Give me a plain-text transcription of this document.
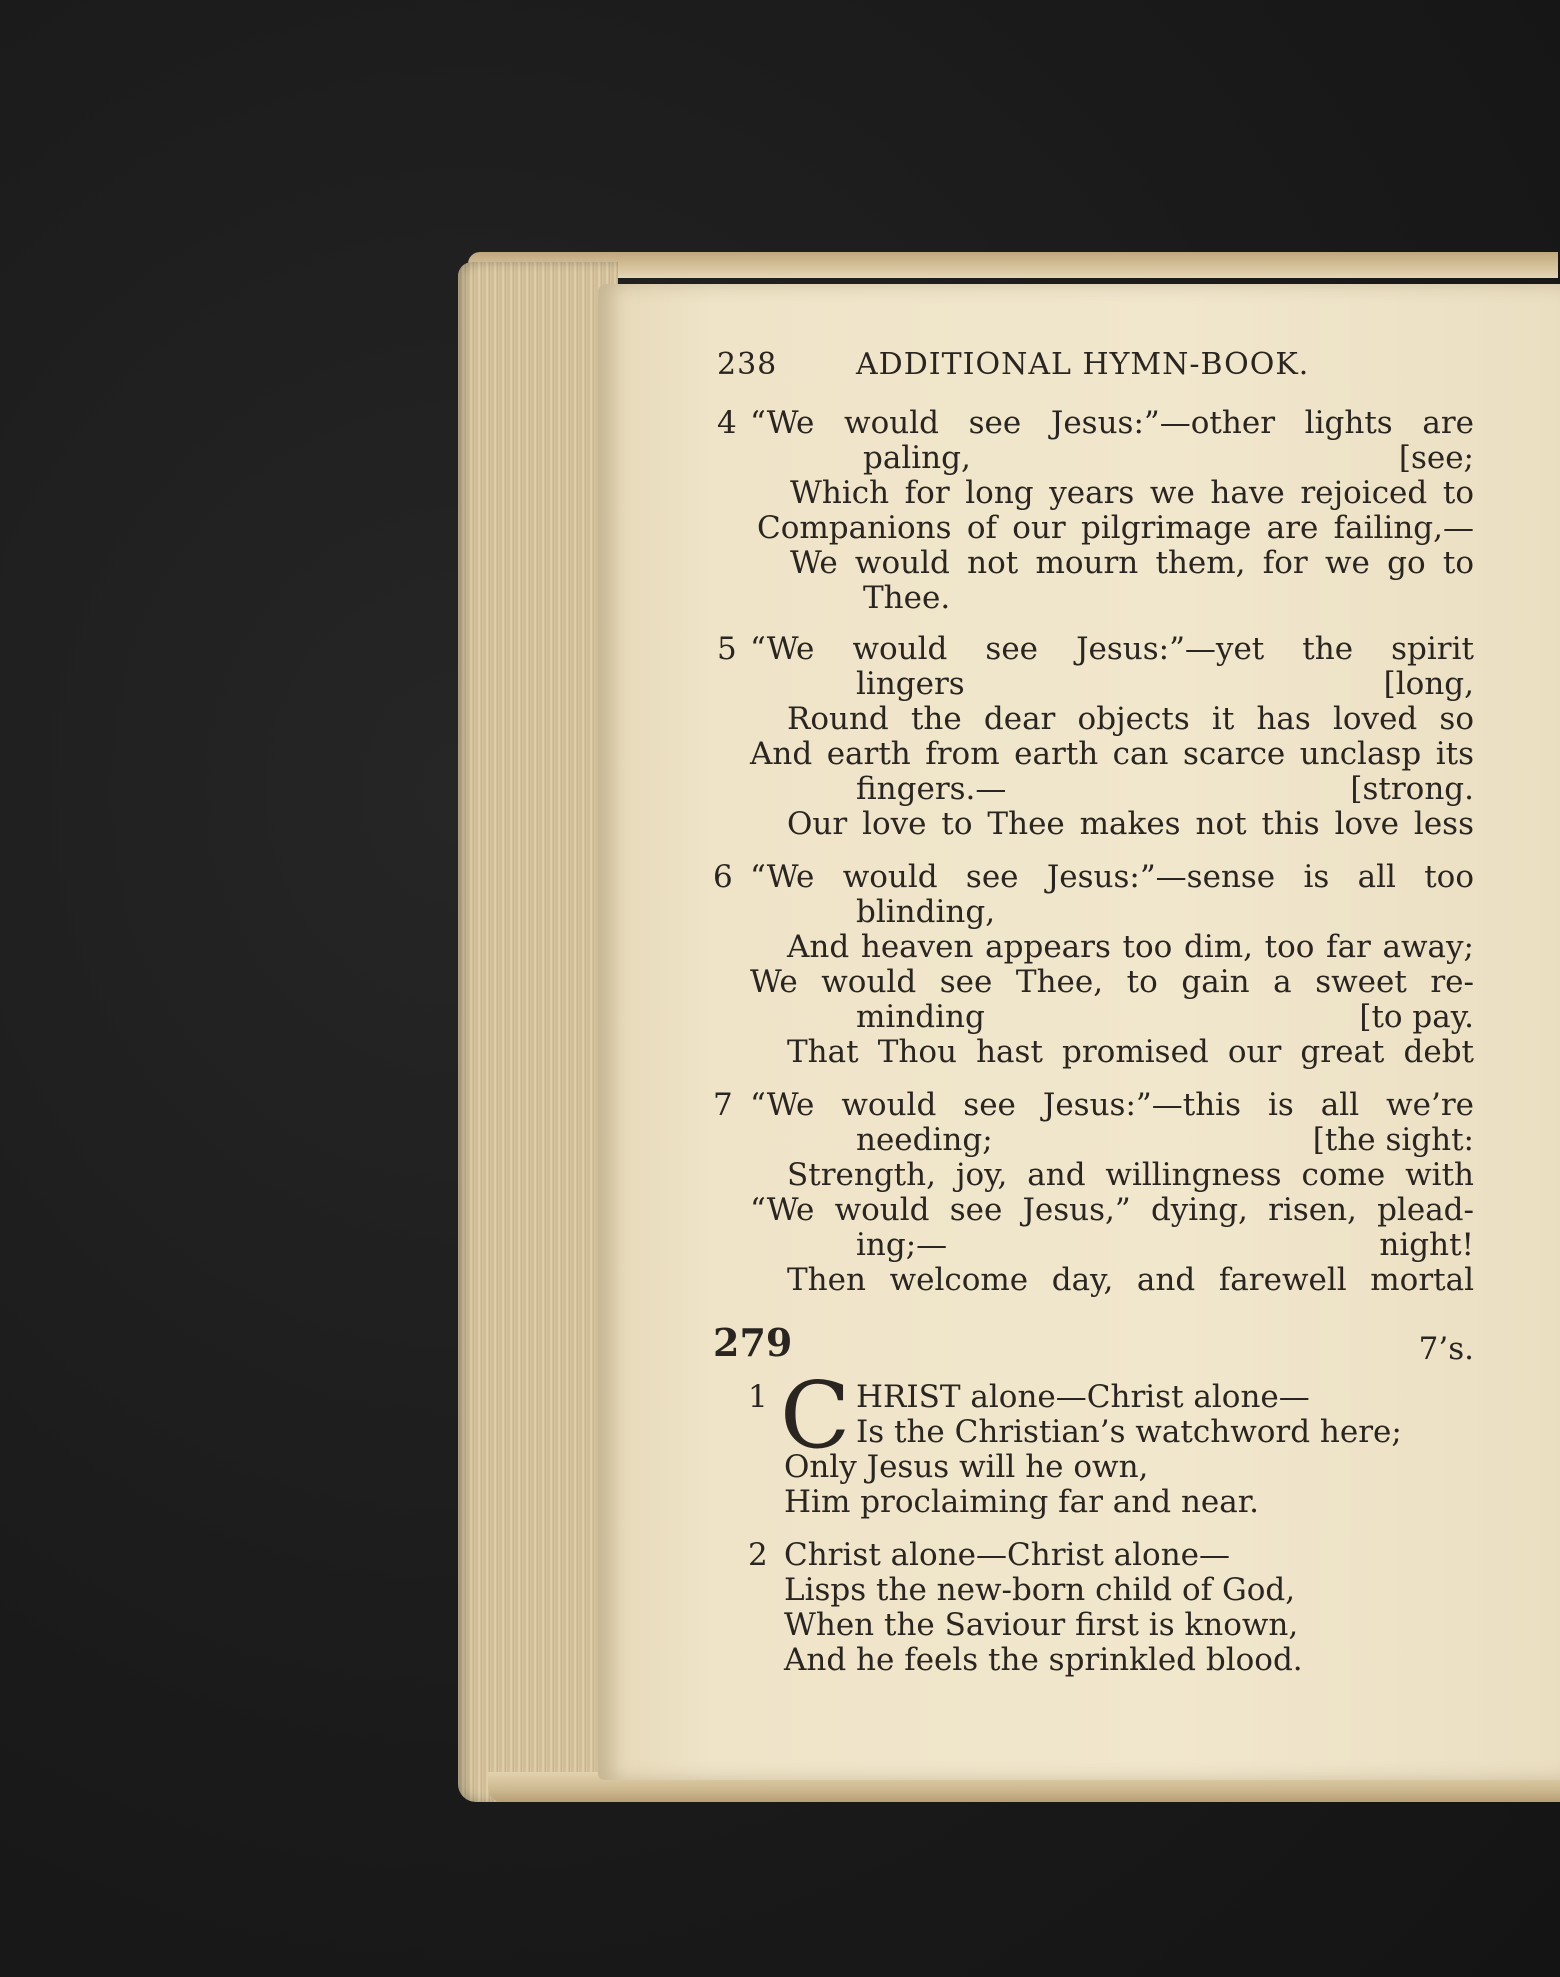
238	ADDITIONAL HYMN-BOOK.
4 “We would see Jesus:”—other lights are
paling,	[see;
Which for long years we have rejoiced to
Companions of our pilgrimage are failing,—
We would not mourn them, for we go to
Thee.
5 “We would see Jesus:”—yet the spirit
lingers	[long,
Round the dear objects it has loved so
And earth from earth can scarce unclasp its
fingers.—	[strong.
Our love to Thee makes not this love less
6 “We would see Jesus:”—sense is all too
blinding,
And heaven appears too dim, too far away;
We would see Thee, to gain a sweet re-
minding	[to pay.
That Thou hast promised our great debt
7 “We would see Jesus:”—this is all we’re
needing;	[the sight:
Strength, joy, and willingness come with
“We would see Jesus,” dying, risen, plead-
ing;—	night!
Then welcome day, and farewell mortal
279	7’s.
1 C HRIST alone—Christ alone—
Is the Christian’s watchword here;
Only Jesus will he own,
Him proclaiming far and near.
2 Christ alone—Christ alone—
Lisps the new-born child of God,
When the Saviour first is known,
And he feels the sprinkled blood.
